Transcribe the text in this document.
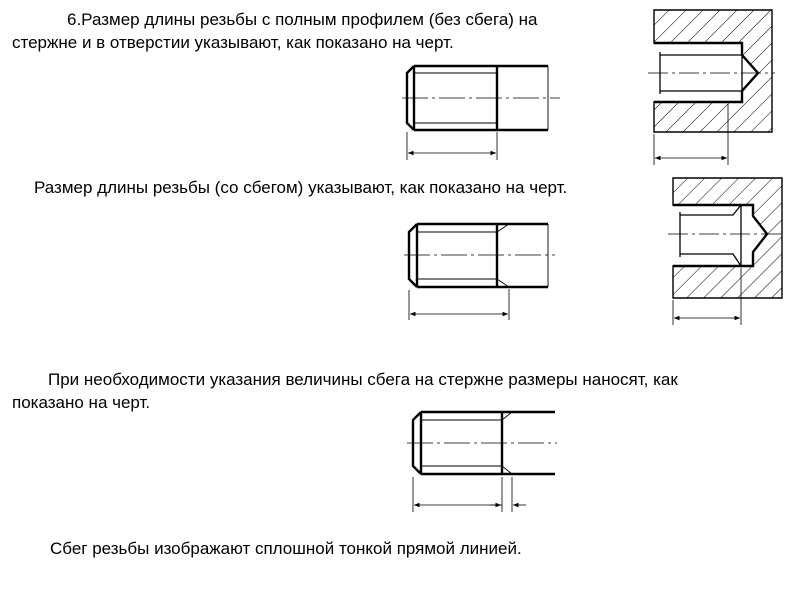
6.Размер длины резьбы с полным профилем (без сбега) на
стержне и в отверстии указывают, как показано на черт.
Размер длины резьбы (со сбегом) указывают, как показано на черт.
При необходимости указания величины сбега на стержне размеры наносят, как
показано на черт.
Сбег резьбы изображают сплошной тонкой прямой линией.
